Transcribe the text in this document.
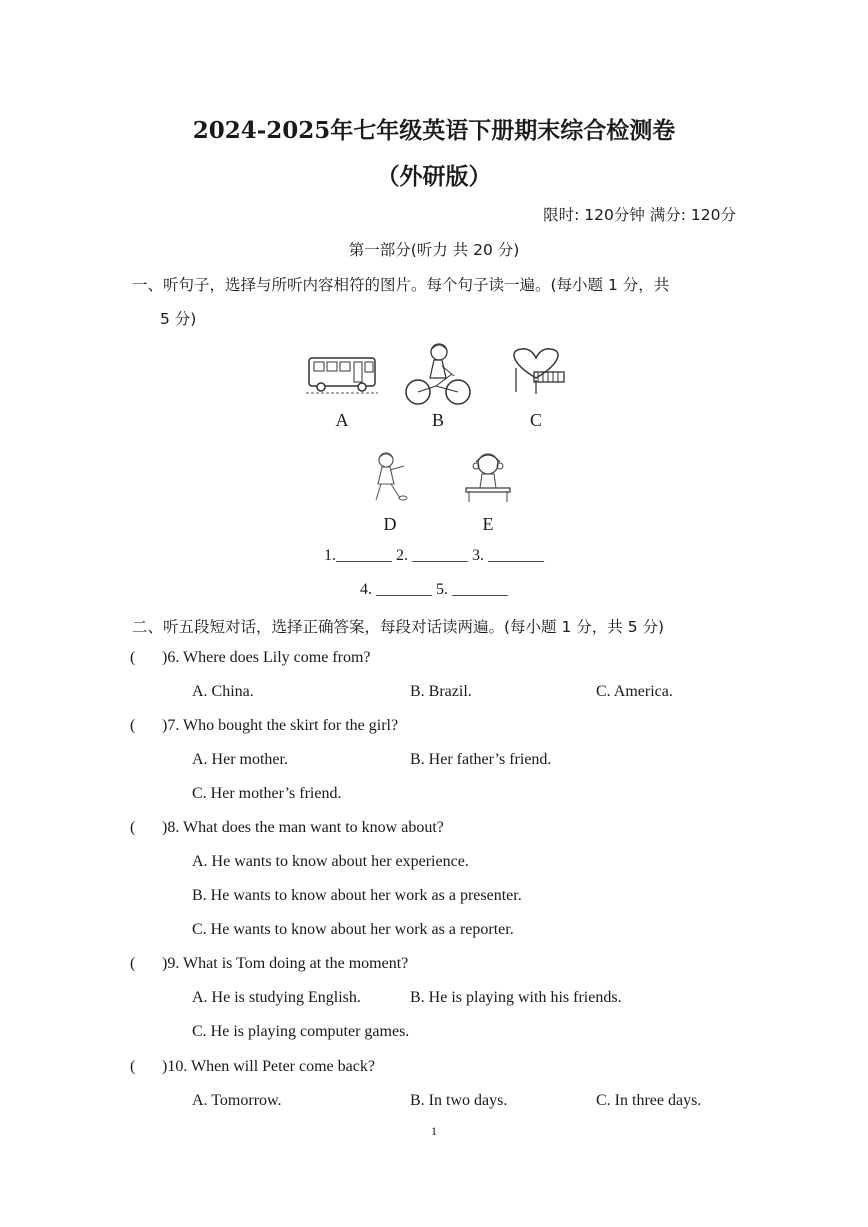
2024-2025年七年级英语下册期末综合检测卷
（外研版）
限时: 120分钟 满分: 120分
第一部分(听力 共 20 分)
一、听句子，选择与所听内容相符的图片。每个句子读一遍。(每小题 1 分，共
5 分)
A	B	C
D	E
1._______ 2. _______ 3. _______
4. _______ 5. _______
二、听五段短对话，选择正确答案，每段对话读两遍。(每小题 1 分，共 5 分)
( )6. Where does Lily come from?
A. China.	B. Brazil.	C. America.
( )7. Who bought the skirt for the girl?
A. Her mother.	B. Her father’s friend.
C. Her mother’s friend.
( )8. What does the man want to know about?
A. He wants to know about her experience.
B. He wants to know about her work as a presenter.
C. He wants to know about her work as a reporter.
( )9. What is Tom doing at the moment?
A. He is studying English.	B. He is playing with his friends.
C. He is playing computer games.
( )10. When will Peter come back?
A. Tomorrow.	B. In two days.	C. In three days.
1
